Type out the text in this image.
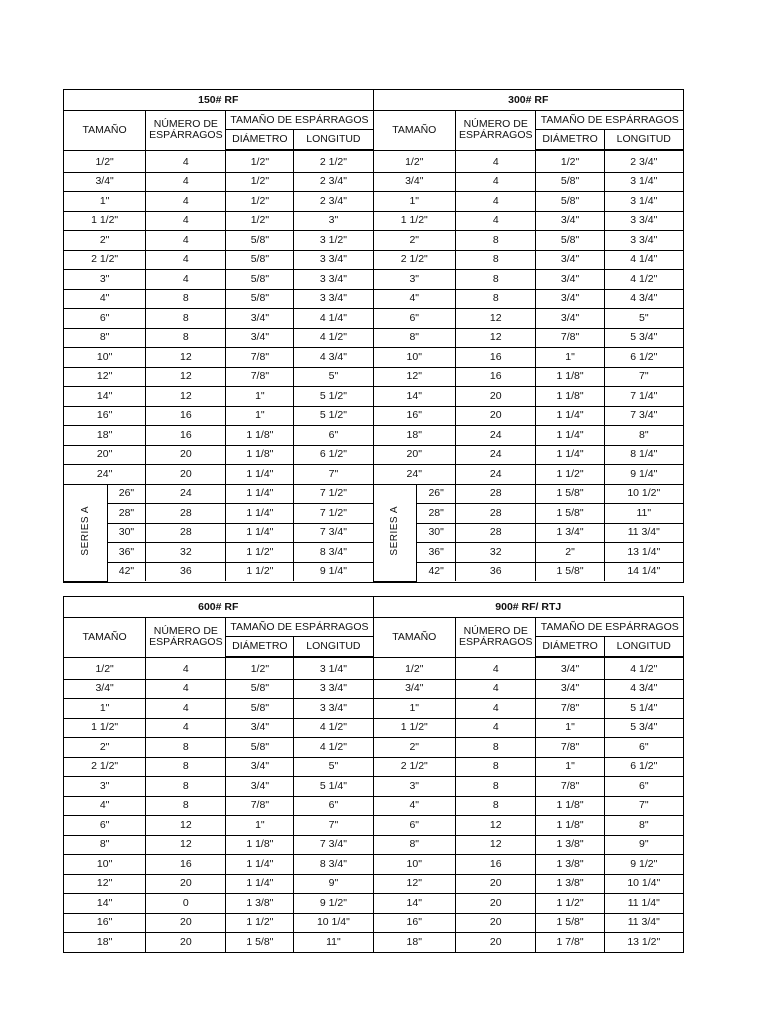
150# RF				
TAMAÑO		NÚMERO DE ESPÁRRAGOS	TAMAÑO DE ESPÁRRAGOS	
			DIÁMETRO	LONGITUD
1/2"		4	1/2"	2 1/2"
3/4"		4	1/2"	2 3/4"
1"		4	1/2"	2 3/4"
1 1/2"		4	1/2"	3"
2"		4	5/8"	3 1/2"
2 1/2"		4	5/8"	3 3/4"
3"		4	5/8"	3 3/4"
4"		8	5/8"	3 3/4"
6"		8	3/4"	4 1/4"
8"		8	3/4"	4 1/2"
10"		12	7/8"	4 3/4"
12"		12	7/8"	5"
14"		12	1"	5 1/2"
16"		16	1"	5 1/2"
18"		16	1 1/8"	6"
20"		20	1 1/8"	6 1/2"
24"		20	1 1/4"	7"
SERIES A	26"	24	1 1/4"	7 1/2"
	28"	28	1 1/4"	7 1/2"
	30"	28	1 1/4"	7 3/4"
	36"	32	1 1/2"	8 3/4"
	42"	36	1 1/2"	9 1/4"
300# RF				
TAMAÑO		NÚMERO DE ESPÁRRAGOS	TAMAÑO DE ESPÁRRAGOS	
			DIÁMETRO	LONGITUD
1/2"		4	1/2"	2 3/4"
3/4"		4	5/8"	3 1/4"
1"		4	5/8"	3 1/4"
1 1/2"		4	3/4"	3 3/4"
2"		8	5/8"	3 3/4"
2 1/2"		8	3/4"	4 1/4"
3"		8	3/4"	4 1/2"
4"		8	3/4"	4 3/4"
6"		12	3/4"	5"
8"		12	7/8"	5 3/4"
10"		16	1"	6 1/2"
12"		16	1 1/8"	7"
14"		20	1 1/8"	7 1/4"
16"		20	1 1/4"	7 3/4"
18"		24	1 1/4"	8"
20"		24	1 1/4"	8 1/4"
24"		24	1 1/2"	9 1/4"
SERIES A	26"	28	1 5/8"	10 1/2"
	28"	28	1 5/8"	11"
	30"	28	1 3/4"	11 3/4"
	36"	32	2"	13 1/4"
	42"	36	1 5/8"	14 1/4"
600# RF			
TAMAÑO	NÚMERO DE ESPÁRRAGOS	TAMAÑO DE ESPÁRRAGOS	
		DIÁMETRO	LONGITUD
1/2"	4	1/2"	3 1/4"
3/4"	4	5/8"	3 3/4"
1"	4	5/8"	3 3/4"
1 1/2"	4	3/4"	4 1/2"
2"	8	5/8"	4 1/2"
2 1/2"	8	3/4"	5"
3"	8	3/4"	5 1/4"
4"	8	7/8"	6"
6"	12	1"	7"
8"	12	1 1/8"	7 3/4"
10"	16	1 1/4"	8 3/4"
12"	20	1 1/4"	9"
14"	0	1 3/8"	9 1/2"
16"	20	1 1/2"	10 1/4"
18"	20	1 5/8"	11"
900# RF/ RTJ			
TAMAÑO	NÚMERO DE ESPÁRRAGOS	TAMAÑO DE ESPÁRRAGOS	
		DIÁMETRO	LONGITUD
1/2"	4	3/4"	4 1/2"
3/4"	4	3/4"	4 3/4"
1"	4	7/8"	5 1/4"
1 1/2"	4	1"	5 3/4"
2"	8	7/8"	6"
2 1/2"	8	1"	6 1/2"
3"	8	7/8"	6"
4"	8	1 1/8"	7"
6"	12	1 1/8"	8"
8"	12	1 3/8"	9"
10"	16	1 3/8"	9 1/2"
12"	20	1 3/8"	10 1/4"
14"	20	1 1/2"	11 1/4"
16"	20	1 5/8"	11 3/4"
18"	20	1 7/8"	13 1/2"
